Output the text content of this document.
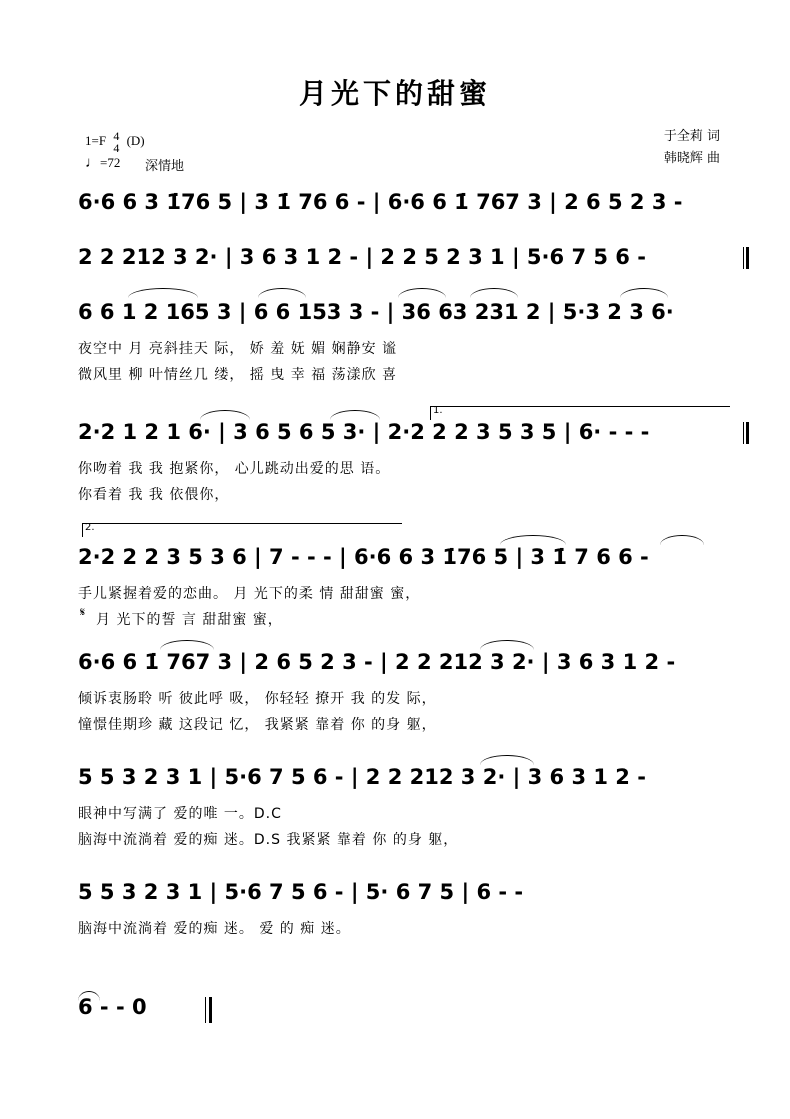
月光下的甜蜜
1=F 4
4
(D)
♩=72 深情地
于全莉 词
韩晓辉 曲
6·6 6 3 1̇76 5 | 3 1̇ 76 6 - | 6·6 6 1̇ 767 3 | 2 6 5 2 3 -
2 2 212 3 2· | 3 6 3 1 2 - | 2 2 5 2 3 1 | 5·6 7 5 6 -
6 6 1 2 165 3 | 6 6 153 3 - | 36 63 231 2 | 5·3 2 3 6·
夜空中 月 亮斜挂天 际， 娇 羞 妩 媚 娴静安 谧
微风里 柳 叶情丝几 缕， 摇 曳 幸 福 荡漾欣 喜
1.
2·2 1 2 1 6· | 3 6 5 6 5 3· | 2·2 2 2 3 5 3 5 | 6· - - -
你吻着 我 我 抱紧你， 心儿跳动出爱的思 语。
你看着 我 我 依偎你，
2.
2·2 2 2 3 5 3 6 | 7 - - - | 6·6 6 3 1̇76 5 | 3 1̇ 7 6 6 -
手儿紧握着爱的恋曲。 月 光下的柔 情 甜甜蜜 蜜，
𝄋 月 光下的誓 言 甜甜蜜 蜜，
6·6 6 1̇ 767 3 | 2 6 5 2 3 - | 2 2 212 3 2· | 3 6 3 1 2 -
倾诉衷肠聆 听 彼此呼 吸， 你轻轻 撩开 我 的发 际，
憧憬佳期珍 藏 这段记 忆， 我紧紧 靠着 你 的身 躯，
5 5 3 2 3 1 | 5·6 7 5 6 - | 2 2 212 3 2· | 3 6 3 1 2 -
眼神中写满了 爱的唯 一。D.C
脑海中流淌着 爱的痴 迷。D.S 我紧紧 靠着 你 的身 躯，
5 5 3 2 3 1 | 5·6 7 5 6 - | 5· 6 7 5 | 6 - -
脑海中流淌着 爱的痴 迷。 爱 的 痴 迷。
6 - - 0
